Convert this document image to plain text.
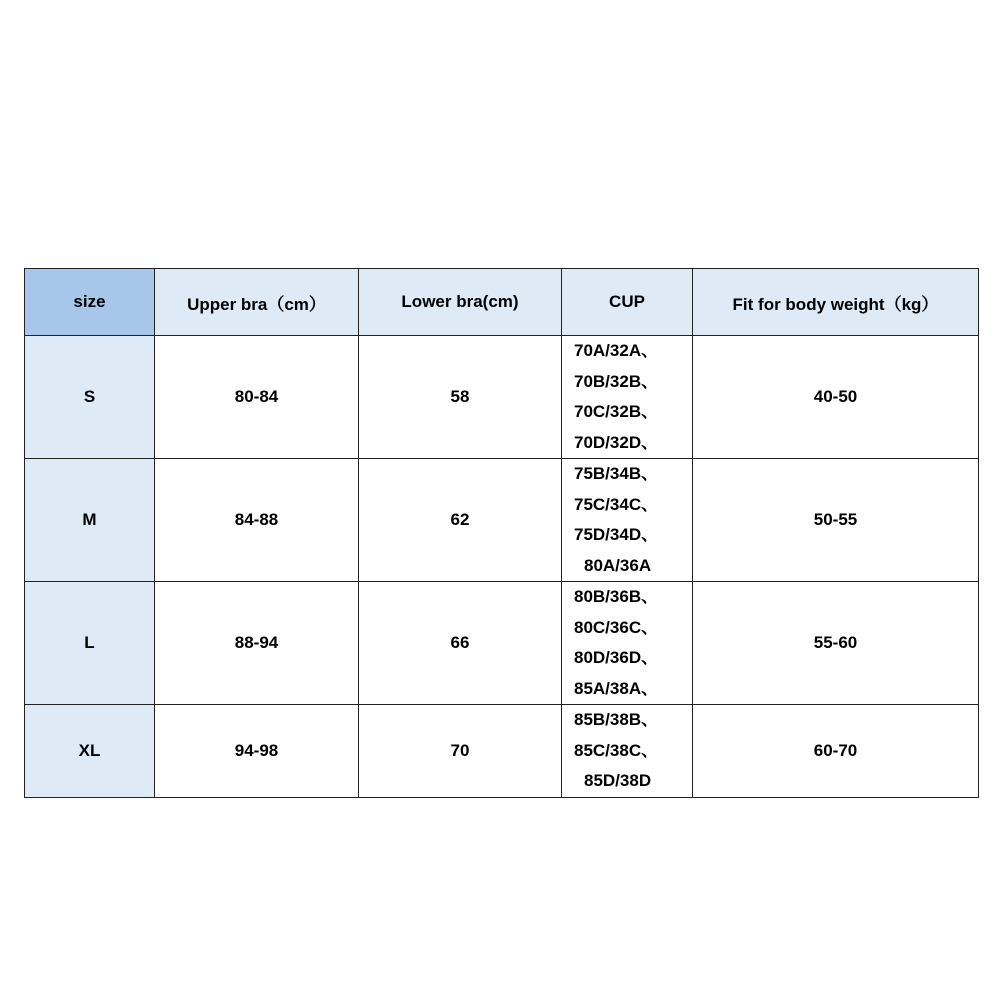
size	Upper bra（cm）	Lower bra(cm)	CUP	Fit for body weight（kg）
S	80-84	58	70A/32A、
70B/32B、
70C/32B、
70D/32D、	40-50
M	84-88	62	75B/34B、
75C/34C、
75D/34D、
80A/36A	50-55
L	88-94	66	80B/36B、
80C/36C、
80D/36D、
85A/38A、	55-60
XL	94-98	70	85B/38B、
85C/38C、
85D/38D	60-70
